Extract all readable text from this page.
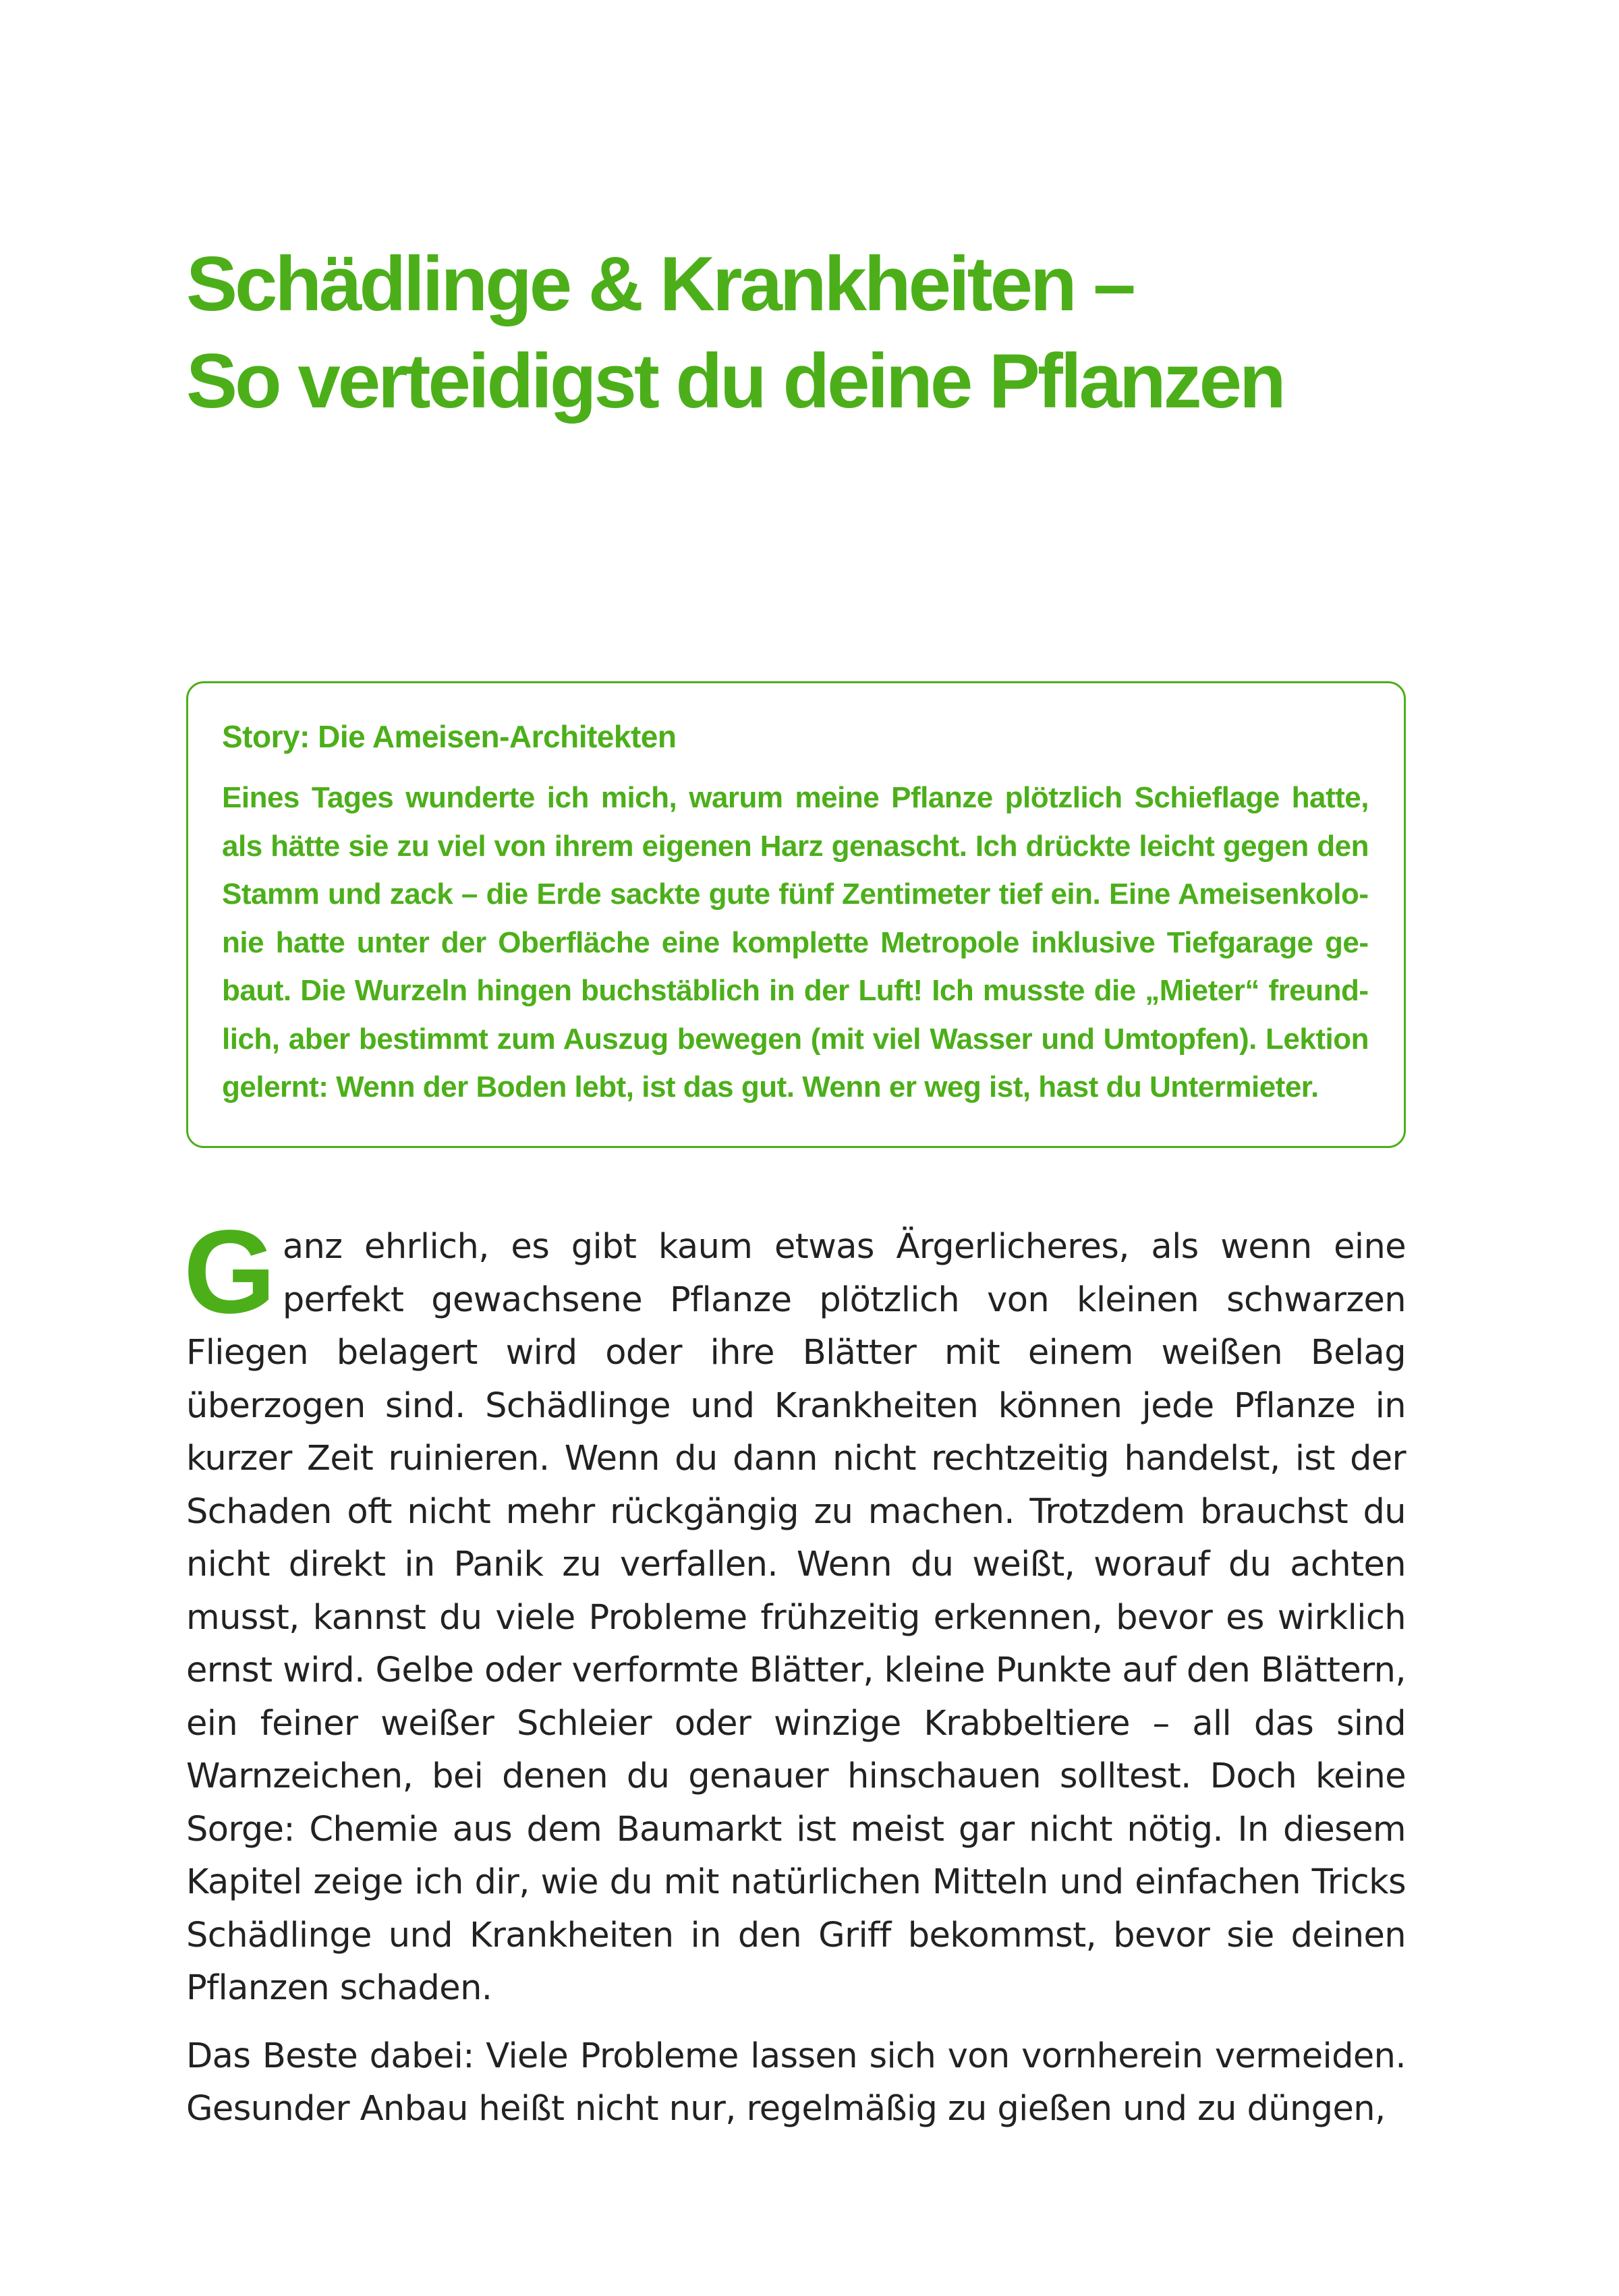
Schädlinge & Krankheiten –
So verteidigst du deine Pflanzen
Story: Die Ameisen-Architekten

Eines Tages wunderte ich mich, warum meine Pflanze plötzlich Schieflage hatte, als hätte sie zu viel von ihrem eigenen Harz genascht. Ich drückte leicht gegen den Stamm und zack – die Erde sackte gute fünf Zentimeter tief ein. Eine Ameisenkolonie hatte unter der Oberfläche eine komplette Metropole inklusive Tiefgarage gebaut. Die Wurzeln hingen buchstäblich in der Luft! Ich musste die „Mieter“ freundlich, aber bestimmt zum Auszug bewegen (mit viel Wasser und Umtopfen). Lektion gelernt: Wenn der Boden lebt, ist das gut. Wenn er weg ist, hast du Untermieter.

Ganz ehrlich, es gibt kaum etwas Ärgerlicheres, als wenn eine perfekt gewachsene Pflanze plötzlich von kleinen schwarzen Fliegen belagert wird oder ihre Blätter mit einem weißen Belag überzogen sind. Schädlinge und Krankheiten können jede Pflanze in kurzer Zeit ruinieren. Wenn du dann nicht rechtzeitig handelst, ist der Schaden oft nicht mehr rückgängig zu machen. Trotzdem brauchst du nicht direkt in Panik zu verfallen. Wenn du weißt, worauf du achten musst, kannst du viele Probleme frühzeitig erkennen, bevor es wirklich ernst wird. Gelbe oder verformte Blätter, kleine Punkte auf den Blättern, ein feiner weißer Schleier oder winzige Krabbeltiere – all das sind Warnzeichen, bei denen du genauer hinschauen solltest. Doch keine Sorge: Chemie aus dem Baumarkt ist meist gar nicht nötig. In diesem Kapitel zeige ich dir, wie du mit natürlichen Mitteln und einfachen Tricks Schädlinge und Krankheiten in den Griff bekommst, bevor sie deinen Pflanzen schaden.

Das Beste dabei: Viele Probleme lassen sich von vornherein vermeiden. Gesunder Anbau heißt nicht nur, regelmäßig zu gießen und zu düngen,
